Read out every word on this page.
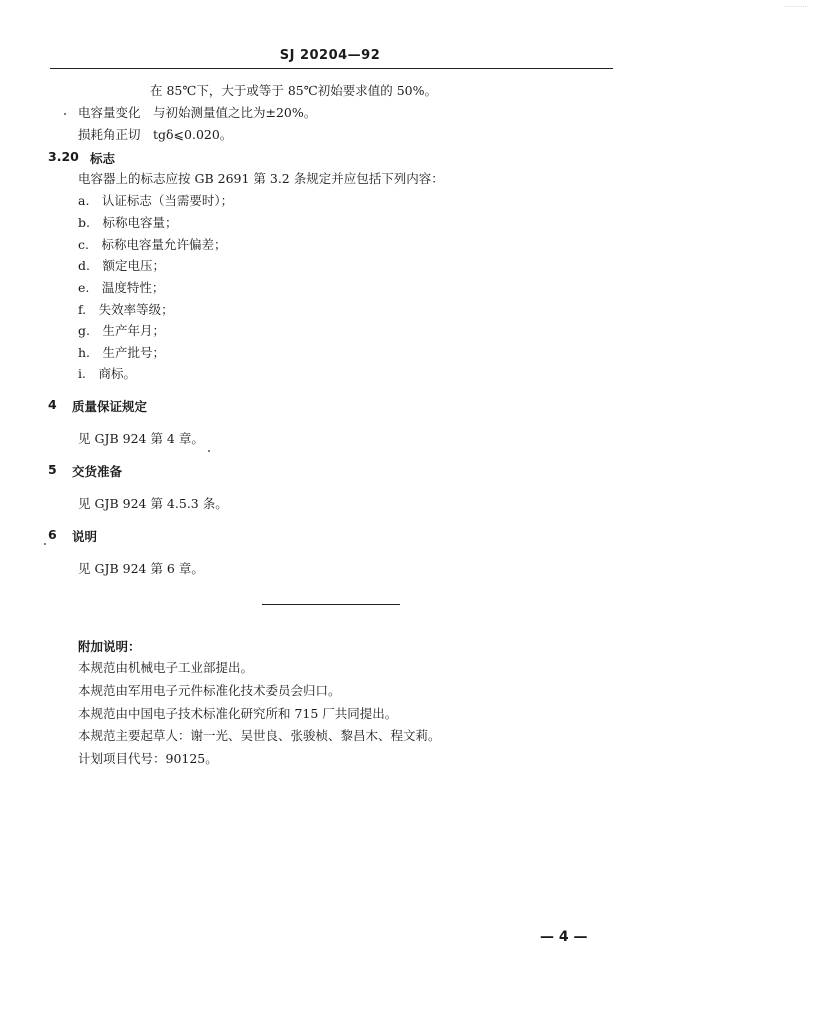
············
SJ 20204—92
在 85℃下，大于或等于 85℃初始要求值的 50%。
电容量变化　与初始测量值之比为±20%。
损耗角正切　tgδ⩽0.020。
3.20 标志
电容器上的标志应按 GB 2691 第 3.2 条规定并应包括下列内容：
a.　认证标志（当需要时）；
b.　标称电容量；
c.　标称电容量允许偏差；
d.　额定电压；
e.　温度特性；
f.　失效率等级；
g.　生产年月；
h.　生产批号；
i.　商标。
4 质量保证规定
见 GJB 924 第 4 章。
5 交货准备
见 GJB 924 第 4.5.3 条。
6 说明
见 GJB 924 第 6 章。
附加说明：
本规范由机械电子工业部提出。
本规范由军用电子元件标准化技术委员会归口。
本规范由中国电子技术标准化研究所和 715 厂共同提出。
本规范主要起草人：谢一光、吴世良、张骏桢、黎昌木、程文莉。
计划项目代号：90125。
— 4 —
